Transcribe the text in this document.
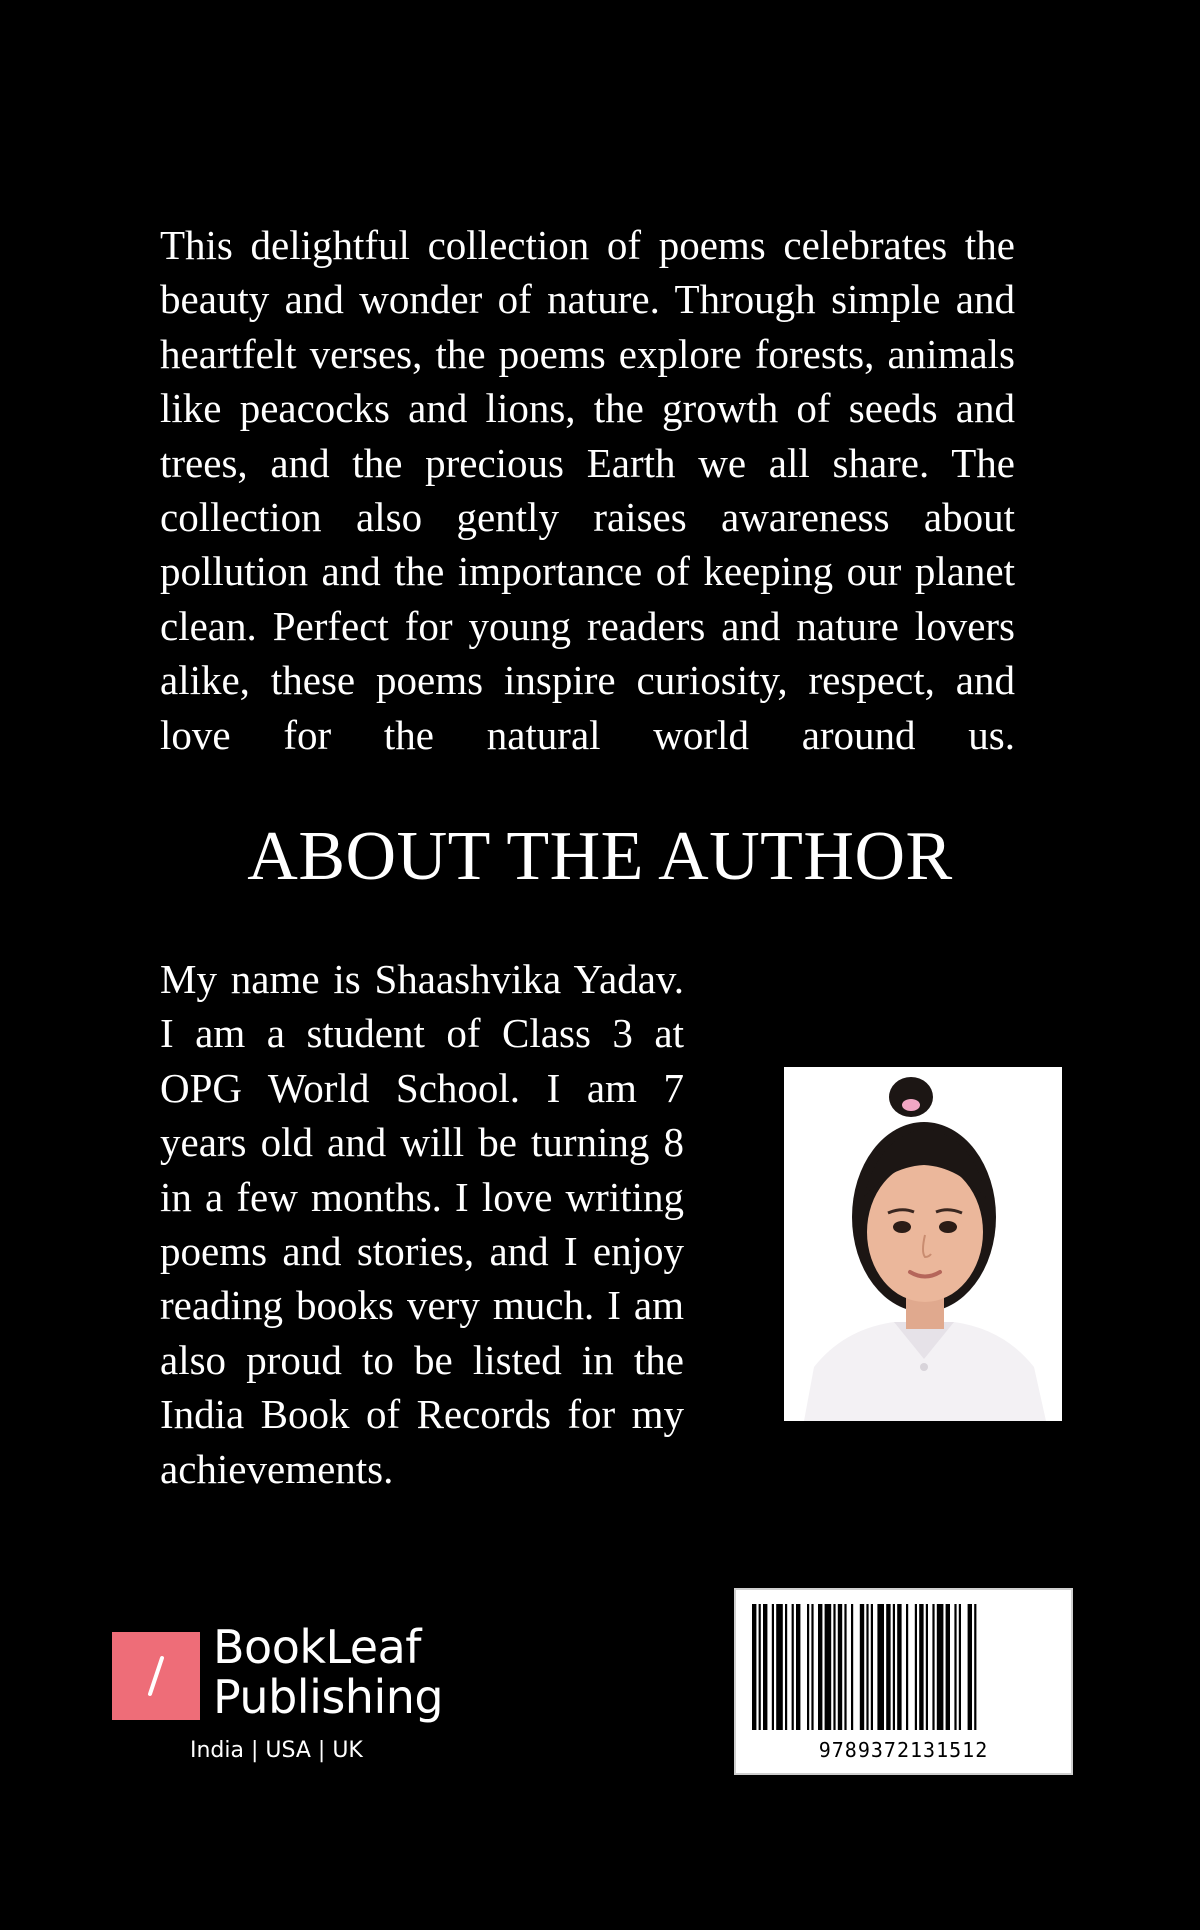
This delightful collection of poems celebrates the beauty and wonder of nature. Through simple and heartfelt verses, the poems explore forests, animals like peacocks and lions, the growth of seeds and trees, and the precious Earth we all share. The collection also gently raises awareness about pollution and the importance of keeping our planet clean. Perfect for young readers and nature lovers alike, these poems inspire curiosity, respect, and love for the natural world around us.

ABOUT THE AUTHOR

My name is Shaashvika Yadav. I am a student of Class 3 at OPG World School. I am 7 years old and will be turning 8 in a few months. I love writing poems and stories, and I enjoy reading books very much. I am also proud to be listed in the India Book of Records for my achievements.

BookLeaf
Publishing
India | USA | UK	9789372131512
